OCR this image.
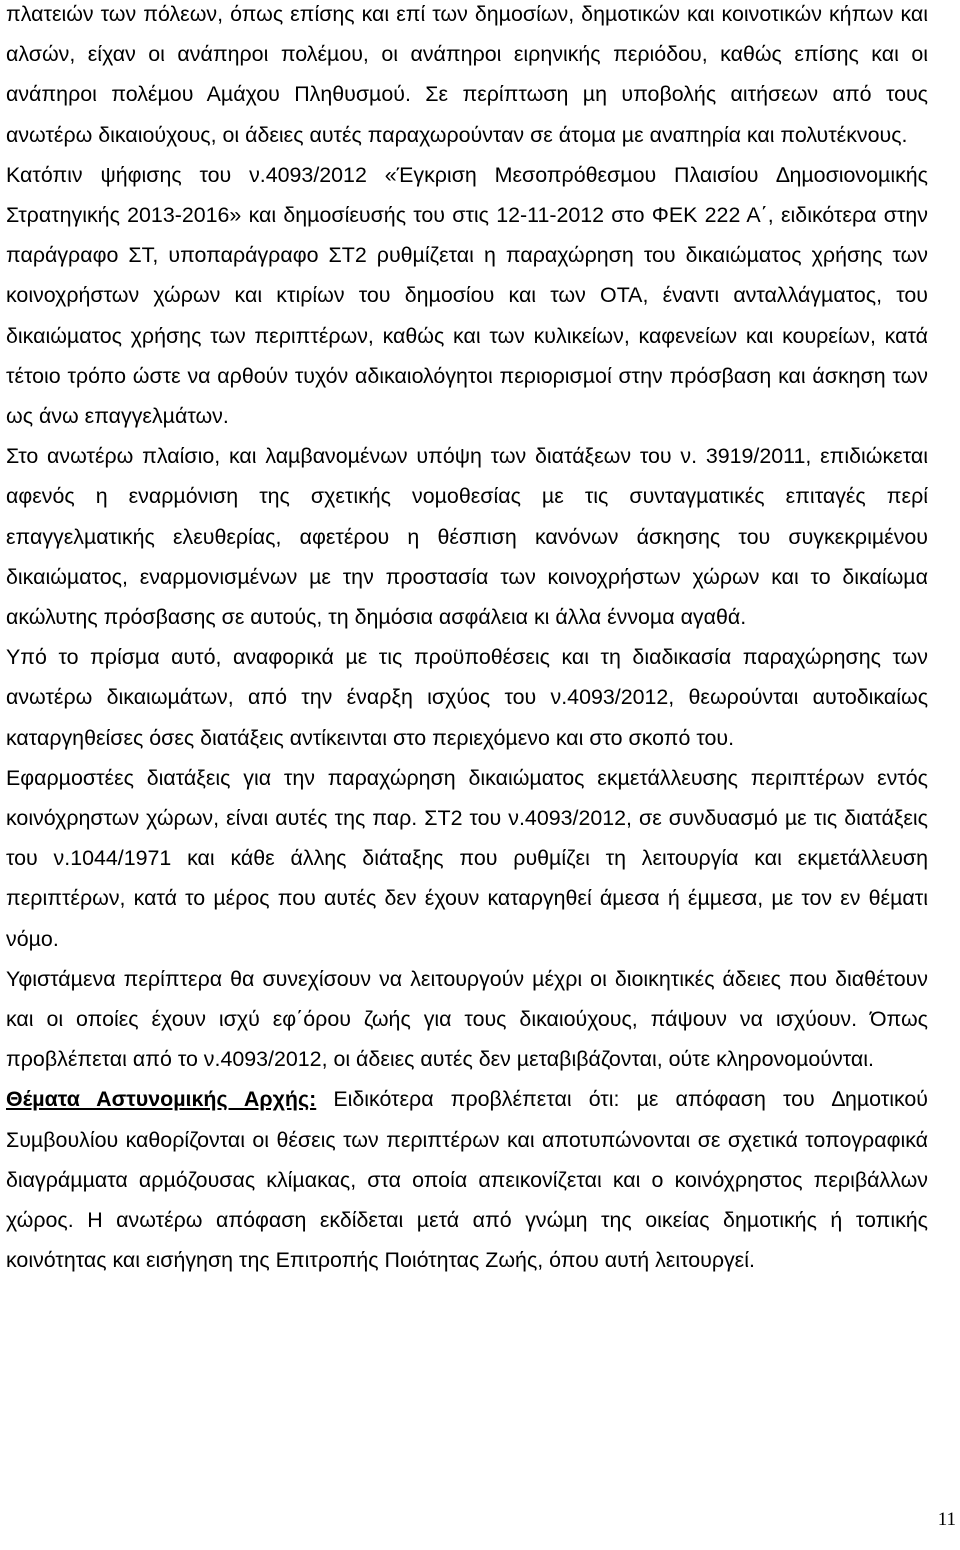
πλατειών των πόλεων, όπως επίσης και επί των δηµοσίων, δηµοτικών και κοινοτικών κήπων και αλσών, είχαν οι ανάπηροι πολέµου, οι ανάπηροι ειρηνικής περιόδου, καθώς επίσης και οι ανάπηροι πολέµου Αµάχου Πληθυσµού. Σε περίπτωση µη υποβολής αιτήσεων από τους ανωτέρω δικαιούχους, οι άδειες αυτές παραχωρούνταν σε άτοµα µε αναπηρία και πολυτέκνους.

Κατόπιν ψήφισης του ν.4093/2012 «Έγκριση Μεσοπρόθεσµου Πλαισίου ∆ηµοσιονοµικής Στρατηγικής 2013-2016» και δηµοσίευσής του στις 12-11-2012 στο ΦΕΚ 222 Α΄, ειδικότερα στην παράγραφο ΣΤ, υποπαράγραφο ΣΤ2 ρυθµίζεται η παραχώρηση του δικαιώµατος χρήσης των κοινοχρήστων χώρων και κτιρίων του δηµοσίου και των ΟΤΑ, έναντι ανταλλάγµατος, του δικαιώµατος χρήσης των περιπτέρων, καθώς και των κυλικείων, καφενείων και κουρείων, κατά τέτοιο τρόπο ώστε να αρθούν τυχόν αδικαιολόγητοι περιορισµοί στην πρόσβαση και άσκηση των ως άνω επαγγελµάτων.

Στο ανωτέρω πλαίσιο, και λαµβανοµένων υπόψη των διατάξεων του ν. 3919/2011, επιδιώκεται αφενός η εναρµόνιση της σχετικής νοµοθεσίας µε τις συνταγµατικές επιταγές περί επαγγελµατικής ελευθερίας, αφετέρου η θέσπιση κανόνων άσκησης του συγκεκριµένου δικαιώµατος, εναρµονισµένων µε την προστασία των κοινοχρήστων χώρων και το δικαίωµα ακώλυτης πρόσβασης σε αυτούς, τη δηµόσια ασφάλεια κι άλλα έννοµα αγαθά.

Υπό το πρίσµα αυτό, αναφορικά µε τις προϋποθέσεις και τη διαδικασία παραχώρησης των ανωτέρω δικαιωµάτων, από την έναρξη ισχύος του ν.4093/2012, θεωρούνται αυτοδικαίως καταργηθείσες όσες διατάξεις αντίκεινται στο περιεχόµενο και στο σκοπό του.

Εφαρµοστέες διατάξεις για την παραχώρηση δικαιώµατος εκµετάλλευσης περιπτέρων εντός κοινόχρηστων χώρων, είναι αυτές της παρ. ΣΤ2 του ν.4093/2012, σε συνδυασµό µε τις διατάξεις του ν.1044/1971 και κάθε άλλης διάταξης που ρυθµίζει τη λειτουργία και εκµετάλλευση περιπτέρων, κατά το µέρος που αυτές δεν έχουν καταργηθεί άµεσα ή έµµεσα, µε τον εν θέµατι νόµο.

Υφιστάµενα περίπτερα θα συνεχίσουν να λειτουργούν µέχρι οι διοικητικές άδειες που διαθέτουν και οι οποίες έχουν ισχύ εφ΄όρου ζωής για τους δικαιούχους, πάψουν να ισχύουν. Όπως προβλέπεται από το ν.4093/2012, οι άδειες αυτές δεν µεταβιβάζονται, ούτε κληρονοµούνται.

Θέµατα Αστυνοµικής Αρχής: Ειδικότερα προβλέπεται ότι: µε απόφαση του ∆ηµοτικού Συµβουλίου καθορίζονται οι θέσεις των περιπτέρων και αποτυπώνονται σε σχετικά τοπογραφικά διαγράµµατα αρµόζουσας κλίµακας, στα οποία απεικονίζεται και ο κοινόχρηστος περιβάλλων χώρος. Η ανωτέρω απόφαση εκδίδεται µετά από γνώµη της οικείας δηµοτικής ή τοπικής κοινότητας και εισήγηση της Επιτροπής Ποιότητας Ζωής, όπου αυτή λειτουργεί.

11
